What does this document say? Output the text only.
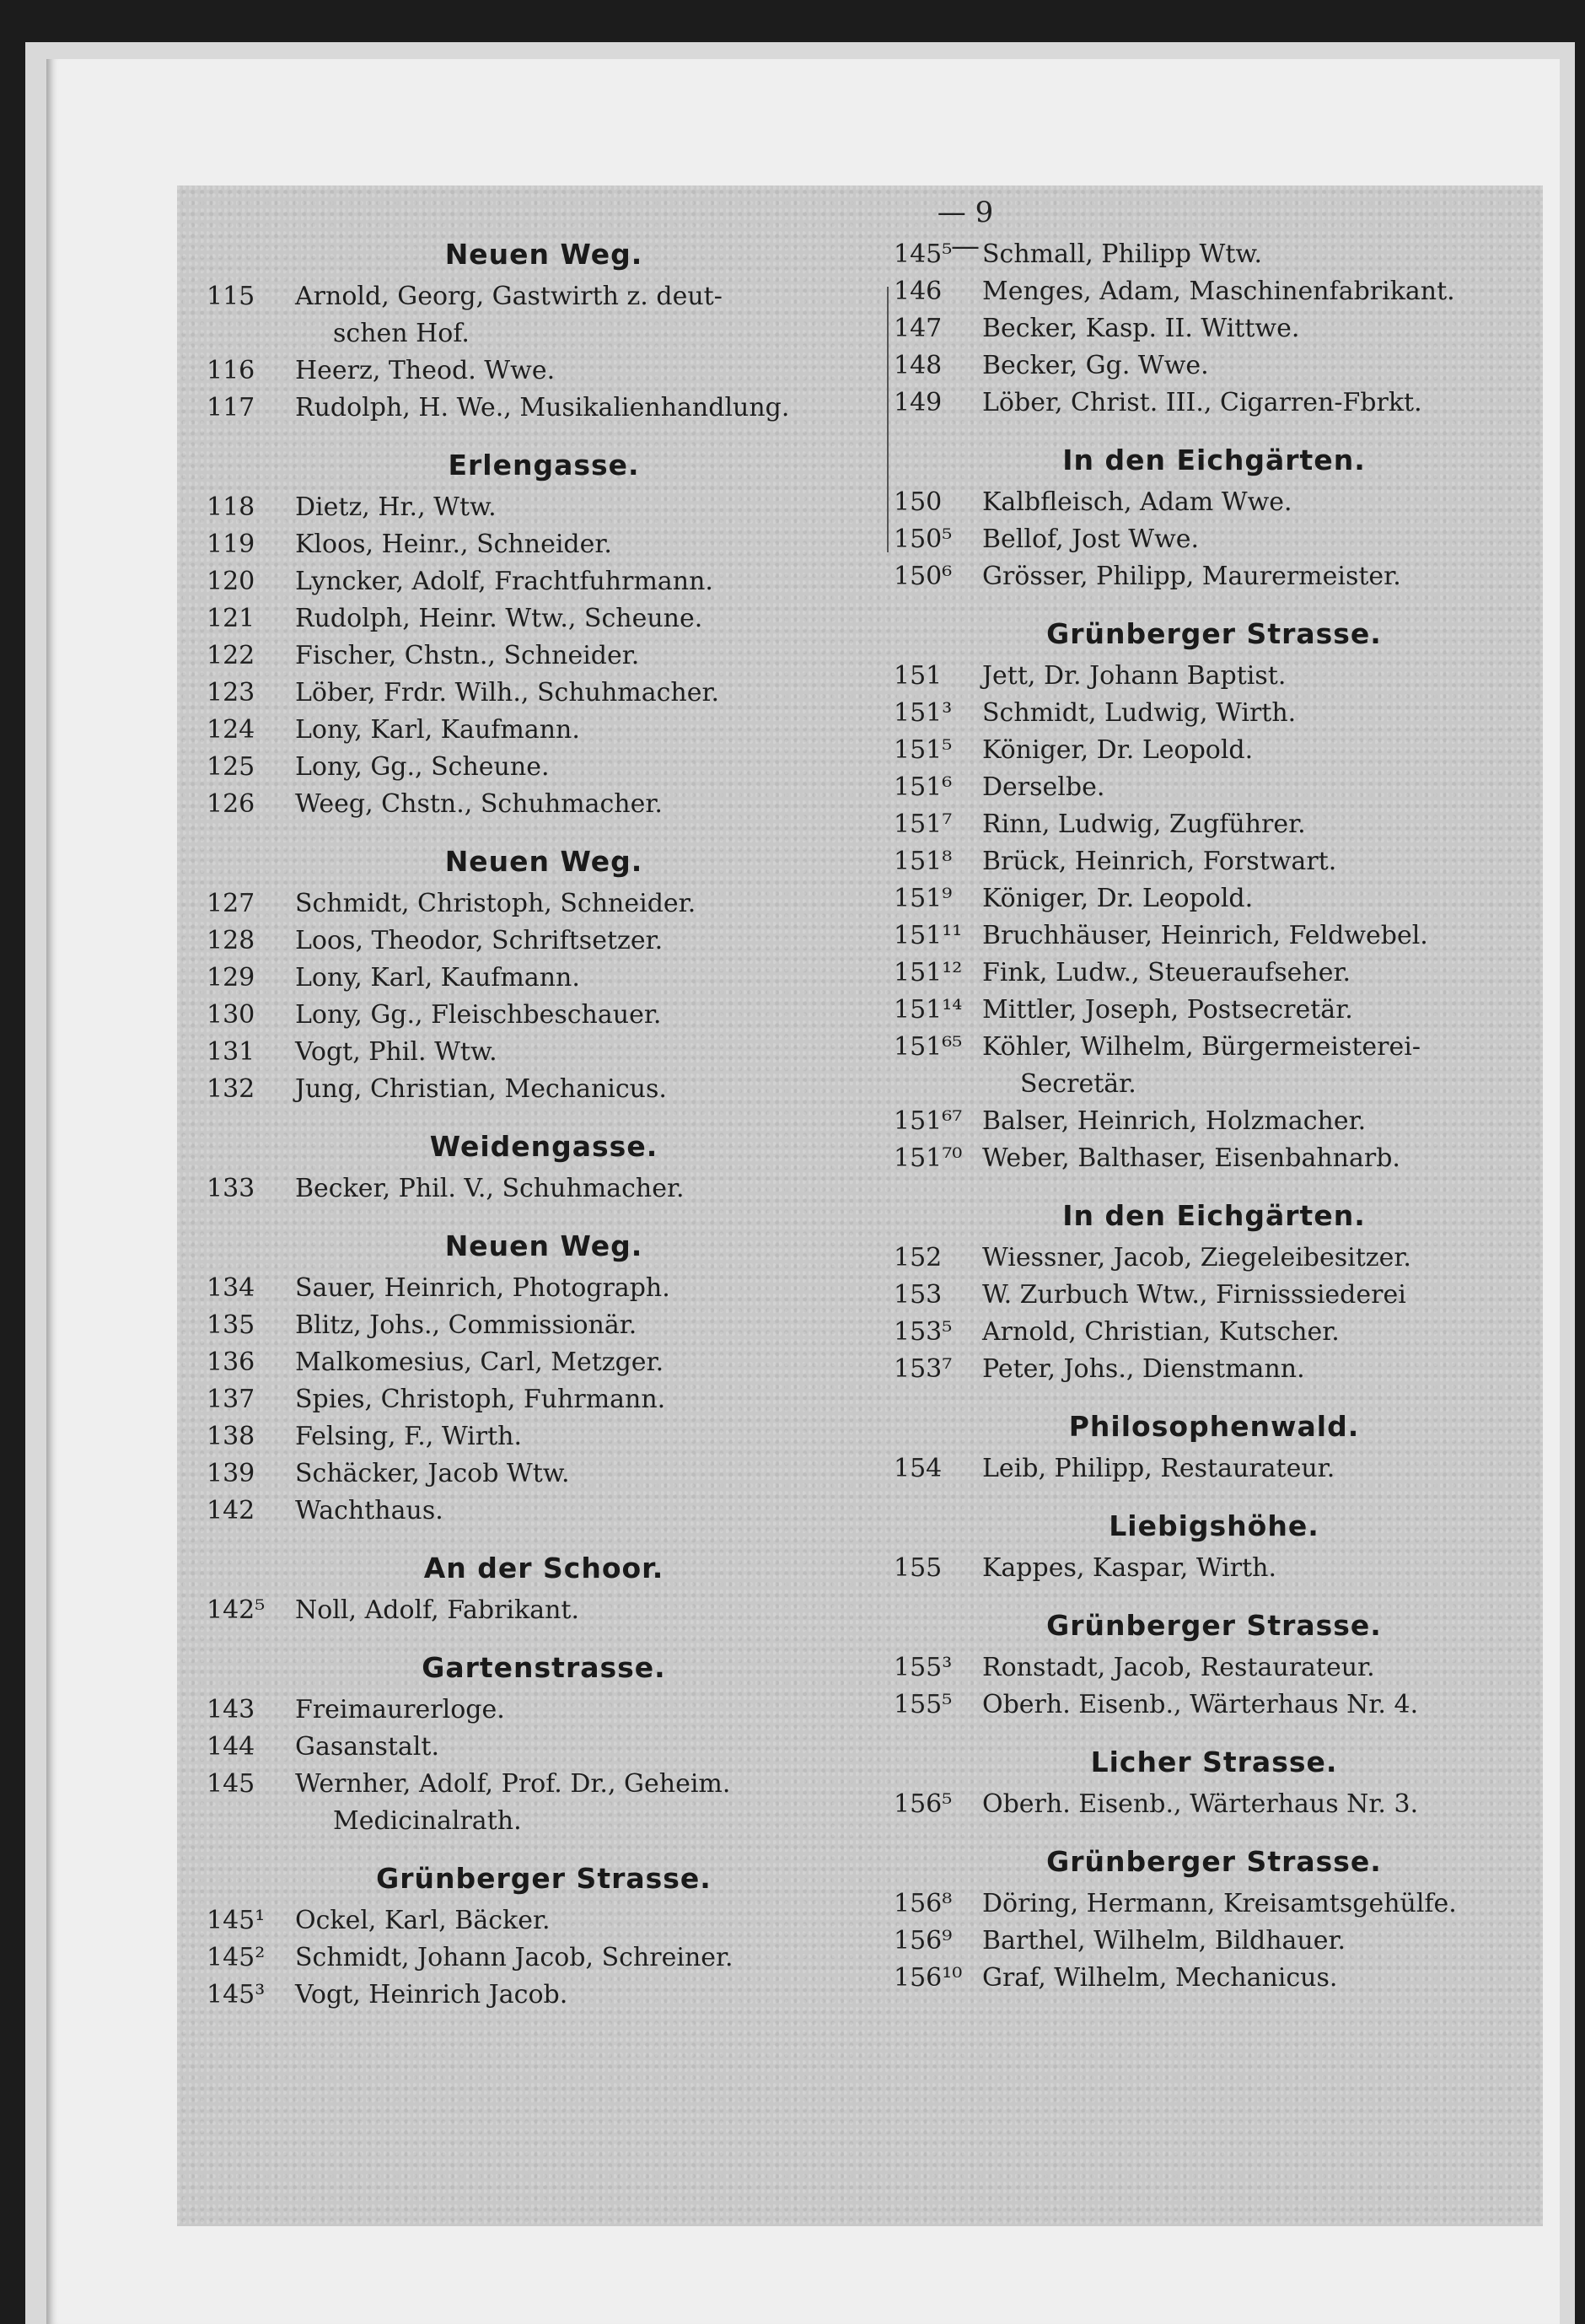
— 9 —
Neuen Weg.
115	Arnold, Georg, Gastwirth z. deut-
schen Hof.
116	Heerz, Theod. Wwe.
117	Rudolph, H. We., Musikalienhandlung.
Erlengasse.
118	Dietz, Hr., Wtw.
119	Kloos, Heinr., Schneider.
120	Lyncker, Adolf, Frachtfuhrmann.
121	Rudolph, Heinr. Wtw., Scheune.
122	Fischer, Chstn., Schneider.
123	Löber, Frdr. Wilh., Schuhmacher.
124	Lony, Karl, Kaufmann.
125	Lony, Gg., Scheune.
126	Weeg, Chstn., Schuhmacher.
Neuen Weg.
127	Schmidt, Christoph, Schneider.
128	Loos, Theodor, Schriftsetzer.
129	Lony, Karl, Kaufmann.
130	Lony, Gg., Fleischbeschauer.
131	Vogt, Phil. Wtw.
132	Jung, Christian, Mechanicus.
Weidengasse.
133	Becker, Phil. V., Schuhmacher.
Neuen Weg.
134	Sauer, Heinrich, Photograph.
135	Blitz, Johs., Commissionär.
136	Malkomesius, Carl, Metzger.
137	Spies, Christoph, Fuhrmann.
138	Felsing, F., Wirth.
139	Schäcker, Jacob Wtw.
142	Wachthaus.
An der Schoor.
142⁵	Noll, Adolf, Fabrikant.
Gartenstrasse.
143	Freimaurerloge.
144	Gasanstalt.
145	Wernher, Adolf, Prof. Dr., Geheim.
Medicinalrath.
Grünberger Strasse.
145¹	Ockel, Karl, Bäcker.
145²	Schmidt, Johann Jacob, Schreiner.
145³	Vogt, Heinrich Jacob.
145⁵	Schmall, Philipp Wtw.
146	Menges, Adam, Maschinenfabrikant.
147	Becker, Kasp. II. Wittwe.
148	Becker, Gg. Wwe.
149	Löber, Christ. III., Cigarren-Fbrkt.
In den Eichgärten.
150	Kalbfleisch, Adam Wwe.
150⁵	Bellof, Jost Wwe.
150⁶	Grösser, Philipp, Maurermeister.
Grünberger Strasse.
151	Jett, Dr. Johann Baptist.
151³	Schmidt, Ludwig, Wirth.
151⁵	Königer, Dr. Leopold.
151⁶	Derselbe.
151⁷	Rinn, Ludwig, Zugführer.
151⁸	Brück, Heinrich, Forstwart.
151⁹	Königer, Dr. Leopold.
151¹¹ Bruchhäuser, Heinrich, Feldwebel.
151¹² Fink, Ludw., Steueraufseher.
151¹⁴ Mittler, Joseph, Postsecretär.
151⁶⁵ Köhler, Wilhelm, Bürgermeisterei-
Secretär.
151⁶⁷ Balser, Heinrich, Holzmacher.
151⁷⁰ Weber, Balthaser, Eisenbahnarb.
In den Eichgärten.
152	Wiessner, Jacob, Ziegeleibesitzer.
153	W. Zurbuch Wtw., Firnisssiederei
153⁵	Arnold, Christian, Kutscher.
153⁷	Peter, Johs., Dienstmann.
Philosophenwald.
154	Leib, Philipp, Restaurateur.
Liebigshöhe.
155	Kappes, Kaspar, Wirth.
Grünberger Strasse.
155³	Ronstadt, Jacob, Restaurateur.
155⁵	Oberh. Eisenb., Wärterhaus Nr. 4.
Licher Strasse.
156⁵	Oberh. Eisenb., Wärterhaus Nr. 3.
Grünberger Strasse.
156⁸	Döring, Hermann, Kreisamtsgehülfe.
156⁹	Barthel, Wilhelm, Bildhauer.
156¹⁰ Graf, Wilhelm, Mechanicus.
